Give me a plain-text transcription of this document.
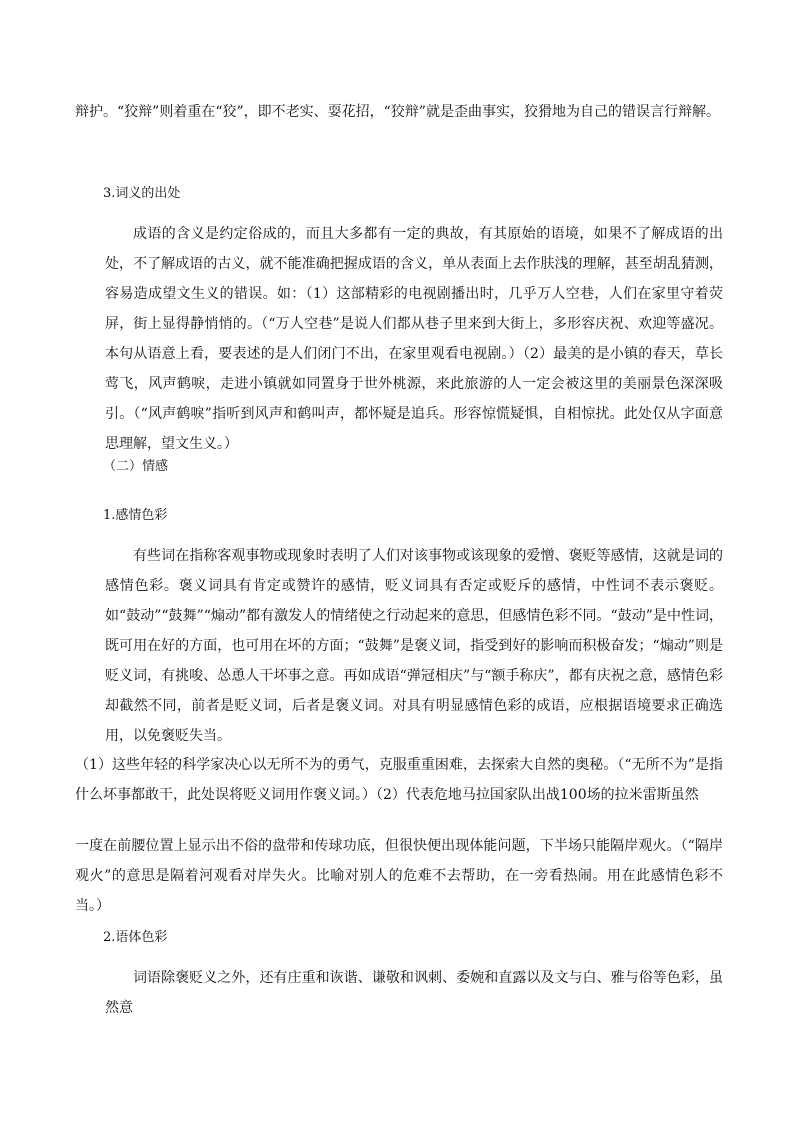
辩护。“狡辩”则着重在“狡”，即不老实、耍花招，“狡辩”就是歪曲事实，狡猾地为自己的错误言行辩解。

3.词义的出处

成语的含义是约定俗成的，而且大多都有一定的典故，有其原始的语境，如果不了解成语的出处，不了解成语的古义，就不能准确把握成语的含义，单从表面上去作肤浅的理解，甚至胡乱猜测，容易造成望文生义的错误。如：（1）这部精彩的电视剧播出时，几乎万人空巷，人们在家里守着荧屏，街上显得静悄悄的。（“万人空巷”是说人们都从巷子里来到大街上，多形容庆祝、欢迎等盛况。本句从语意上看，要表述的是人们闭门不出，在家里观看电视剧。）（2）最美的是小镇的春天，草长莺飞，风声鹤唳，走进小镇就如同置身于世外桃源，来此旅游的人一定会被这里的美丽景色深深吸引。（“风声鹤唳”指听到风声和鹤叫声，都怀疑是追兵。形容惊慌疑惧，自相惊扰。此处仅从字面意思理解，望文生义。）

（二）情感

1.感情色彩

有些词在指称客观事物或现象时表明了人们对该事物或该现象的爱憎、褒贬等感情，这就是词的感情色彩。褒义词具有肯定或赞许的感情，贬义词具有否定或贬斥的感情，中性词不表示褒贬。如“鼓动”“鼓舞”“煽动”都有激发人的情绪使之行动起来的意思，但感情色彩不同。“鼓动”是中性词，既可用在好的方面，也可用在坏的方面；“鼓舞”是褒义词，指受到好的影响而积极奋发；“煽动”则是贬义词，有挑唆、怂恿人干坏事之意。再如成语“弹冠相庆”与“额手称庆”，都有庆祝之意，感情色彩却截然不同，前者是贬义词，后者是褒义词。对具有明显感情色彩的成语，应根据语境要求正确选用，以免褒贬失当。

（1）这些年轻的科学家决心以无所不为的勇气，克服重重困难，去探索大自然的奥秘。（“无所不为”是指什么坏事都敢干，此处误将贬义词用作褒义词。）（2）代表危地马拉国家队出战100场的拉米雷斯虽然

一度在前腰位置上显示出不俗的盘带和传球功底，但很快便出现体能问题，下半场只能隔岸观火。（“隔岸观火”的意思是隔着河观看对岸失火。比喻对别人的危难不去帮助，在一旁看热闹。用在此感情色彩不当。）

2.语体色彩

词语除褒贬义之外，还有庄重和诙谐、谦敬和讽刺、委婉和直露以及文与白、雅与俗等色彩，虽然意
